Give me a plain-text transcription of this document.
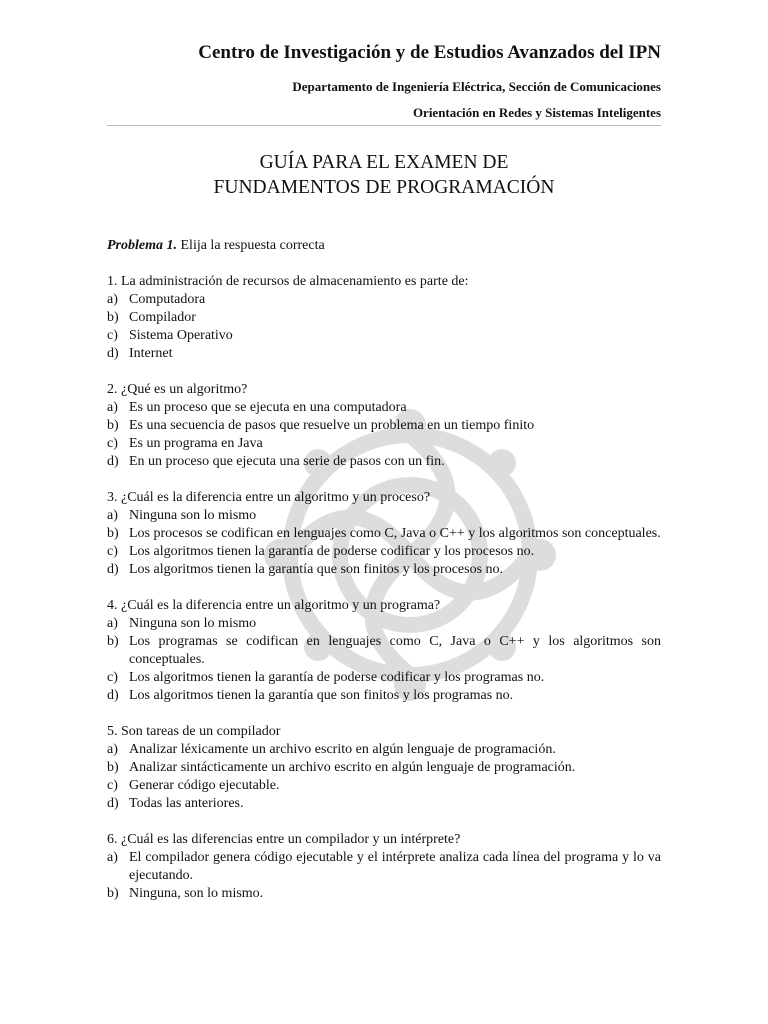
Centro de Investigación y de Estudios Avanzados del IPN
Departamento de Ingeniería Eléctrica, Sección de Comunicaciones
Orientación en Redes y Sistemas Inteligentes
GUÍA PARA EL EXAMEN DE
FUNDAMENTOS DE PROGRAMACIÓN
Problema 1. Elija la respuesta correcta
1. La administración de recursos de almacenamiento es parte de:
a) Computadora
b) Compilador
c) Sistema Operativo
d) Internet
2. ¿Qué es un algoritmo?
a) Es un proceso que se ejecuta en una computadora
b) Es una secuencia de pasos que resuelve un problema en un tiempo finito
c) Es un programa en Java
d) En un proceso que ejecuta una serie de pasos con un fin.
3. ¿Cuál es la diferencia entre un algoritmo y un proceso?
a) Ninguna son lo mismo
b) Los procesos se codifican en lenguajes como C, Java o C++ y los algoritmos son conceptuales.
c) Los algoritmos tienen la garantía de poderse codificar y los procesos no.
d) Los algoritmos tienen la garantía que son finitos y los procesos no.
4. ¿Cuál es la diferencia entre un algoritmo y un programa?
a) Ninguna son lo mismo
b) Los programas se codifican en lenguajes como C, Java o C++ y los algoritmos son conceptuales.
c) Los algoritmos tienen la garantía de poderse codificar y los programas no.
d) Los algoritmos tienen la garantía que son finitos y los programas no.
5. Son tareas de un compilador
a) Analizar léxicamente un archivo escrito en algún lenguaje de programación.
b) Analizar sintácticamente un archivo escrito en algún lenguaje de programación.
c) Generar código ejecutable.
d) Todas las anteriores.
6. ¿Cuál es las diferencias entre un compilador y un intérprete?
a) El compilador genera código ejecutable y el intérprete analiza cada línea del programa y lo va ejecutando.
b) Ninguna, son lo mismo.
